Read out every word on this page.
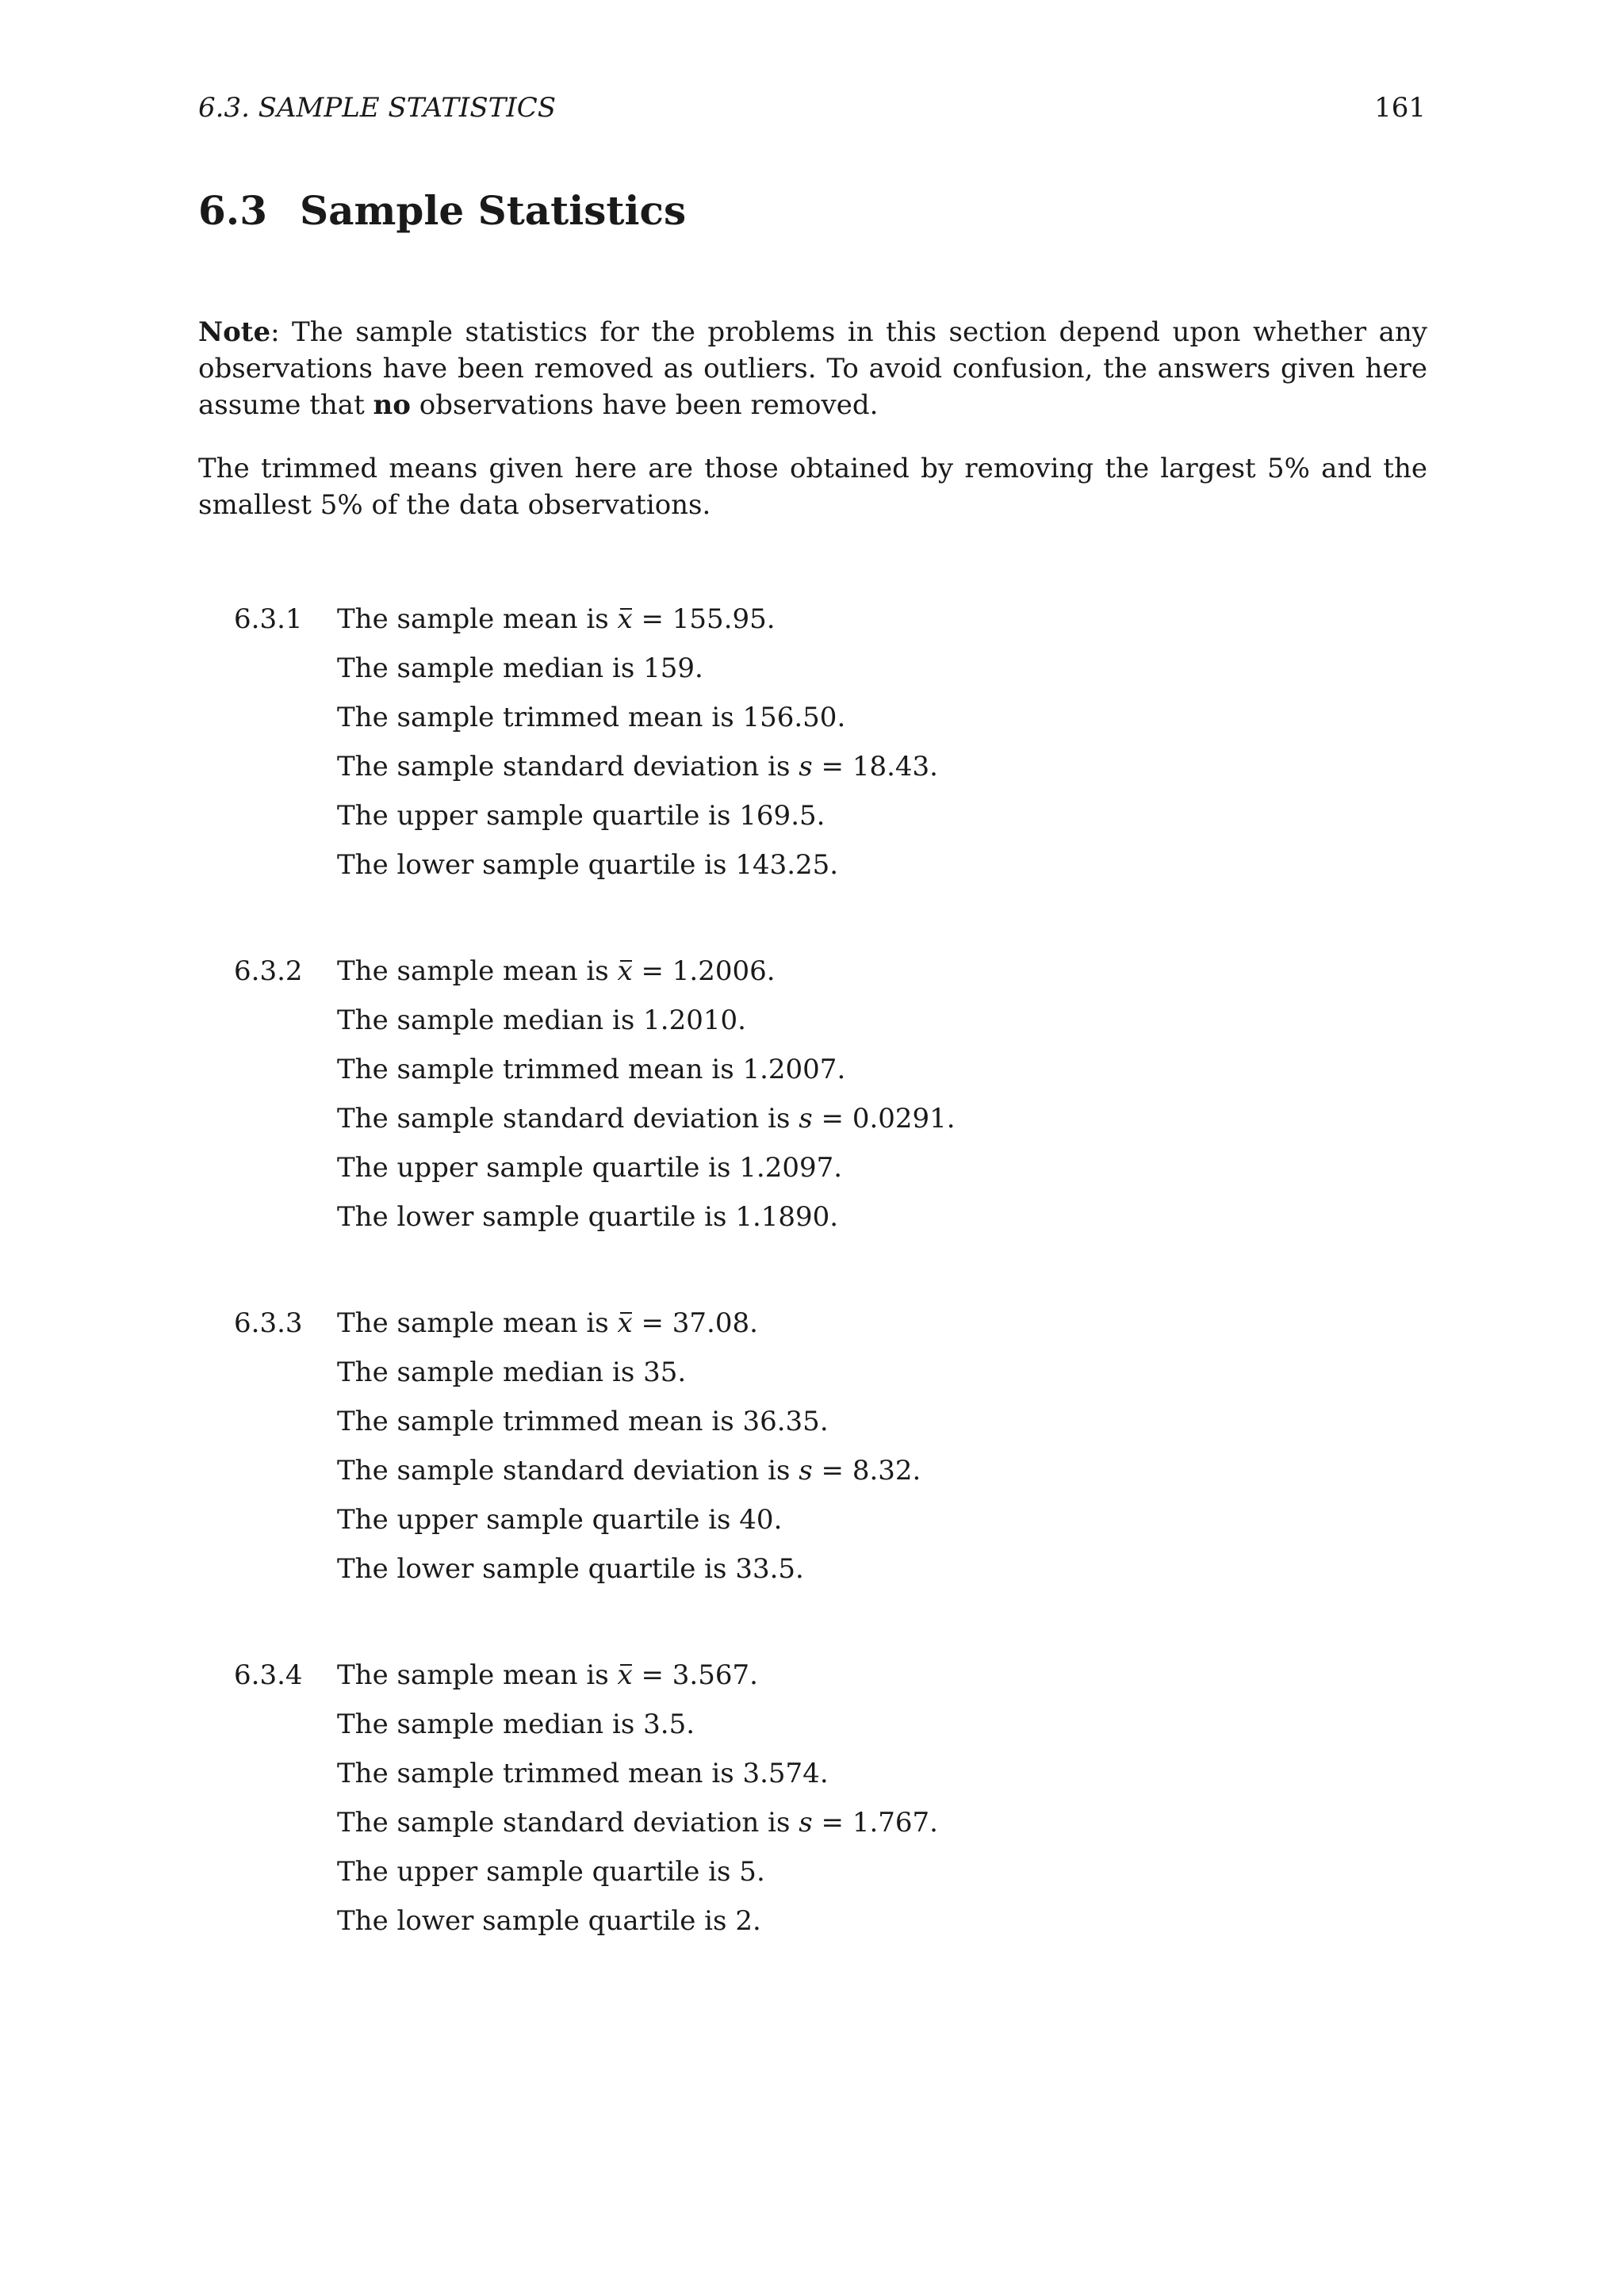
6.3. SAMPLE STATISTICS	161
6.3 Sample Statistics
Note: The sample statistics for the problems in this section depend upon whether any observations have been removed as outliers. To avoid confusion, the answers given here assume that no observations have been removed.
The trimmed means given here are those obtained by removing the largest 5% and the smallest 5% of the data observations.
6.3.1 The sample mean is x = 155.95.
The sample median is 159.
The sample trimmed mean is 156.50.
The sample standard deviation is s = 18.43.
The upper sample quartile is 169.5.
The lower sample quartile is 143.25.
6.3.2 The sample mean is x = 1.2006.
The sample median is 1.2010.
The sample trimmed mean is 1.2007.
The sample standard deviation is s = 0.0291.
The upper sample quartile is 1.2097.
The lower sample quartile is 1.1890.
6.3.3 The sample mean is x = 37.08.
The sample median is 35.
The sample trimmed mean is 36.35.
The sample standard deviation is s = 8.32.
The upper sample quartile is 40.
The lower sample quartile is 33.5.
6.3.4 The sample mean is x = 3.567.
The sample median is 3.5.
The sample trimmed mean is 3.574.
The sample standard deviation is s = 1.767.
The upper sample quartile is 5.
The lower sample quartile is 2.
